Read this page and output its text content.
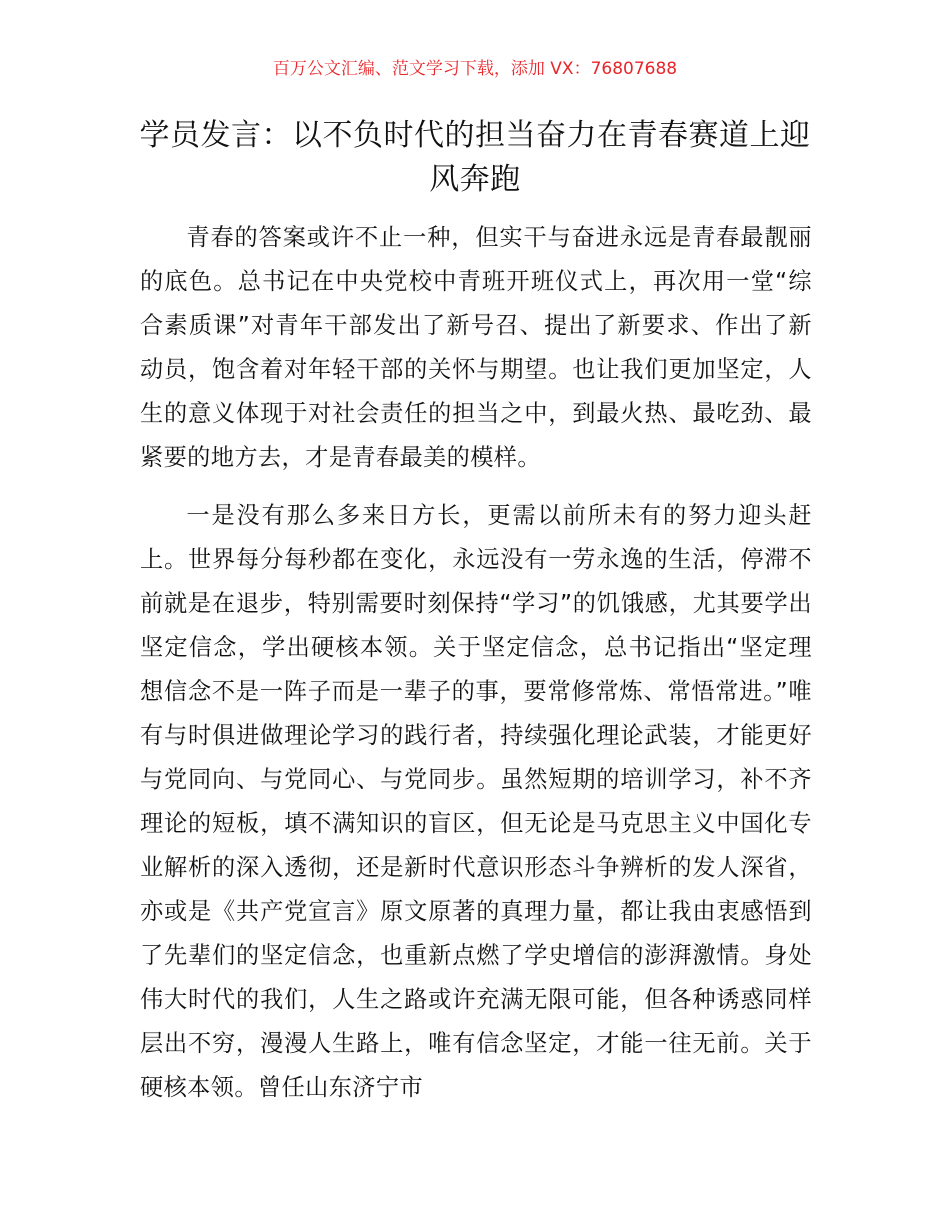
百万公文汇编、范文学习下载，添加 VX：76807688
学员发言：以不负时代的担当奋力在青春赛道上迎风奔跑

青春的答案或许不止一种，但实干与奋进永远是青春最靓丽的底色。总书记在中央党校中青班开班仪式上，再次用一堂“综合素质课”对青年干部发出了新号召、提出了新要求、作出了新动员，饱含着对年轻干部的关怀与期望。也让我们更加坚定，人生的意义体现于对社会责任的担当之中，到最火热、最吃劲、最紧要的地方去，才是青春最美的模样。

一是没有那么多来日方长，更需以前所未有的努力迎头赶上。世界每分每秒都在变化，永远没有一劳永逸的生活，停滞不前就是在退步，特别需要时刻保持“学习”的饥饿感，尤其要学出坚定信念，学出硬核本领。关于坚定信念，总书记指出“坚定理想信念不是一阵子而是一辈子的事，要常修常炼、常悟常进。”唯有与时俱进做理论学习的践行者，持续强化理论武装，才能更好与党同向、与党同心、与党同步。虽然短期的培训学习，补不齐理论的短板，填不满知识的盲区，但无论是马克思主义中国化专业解析的深入透彻，还是新时代意识形态斗争辨析的发人深省，亦或是《共产党宣言》原文原著的真理力量，都让我由衷感悟到了先辈们的坚定信念，也重新点燃了学史增信的澎湃激情。身处伟大时代的我们，人生之路或许充满无限可能，但各种诱惑同样层出不穷，漫漫人生路上，唯有信念坚定，才能一往无前。关于硬核本领。曾任山东济宁市
